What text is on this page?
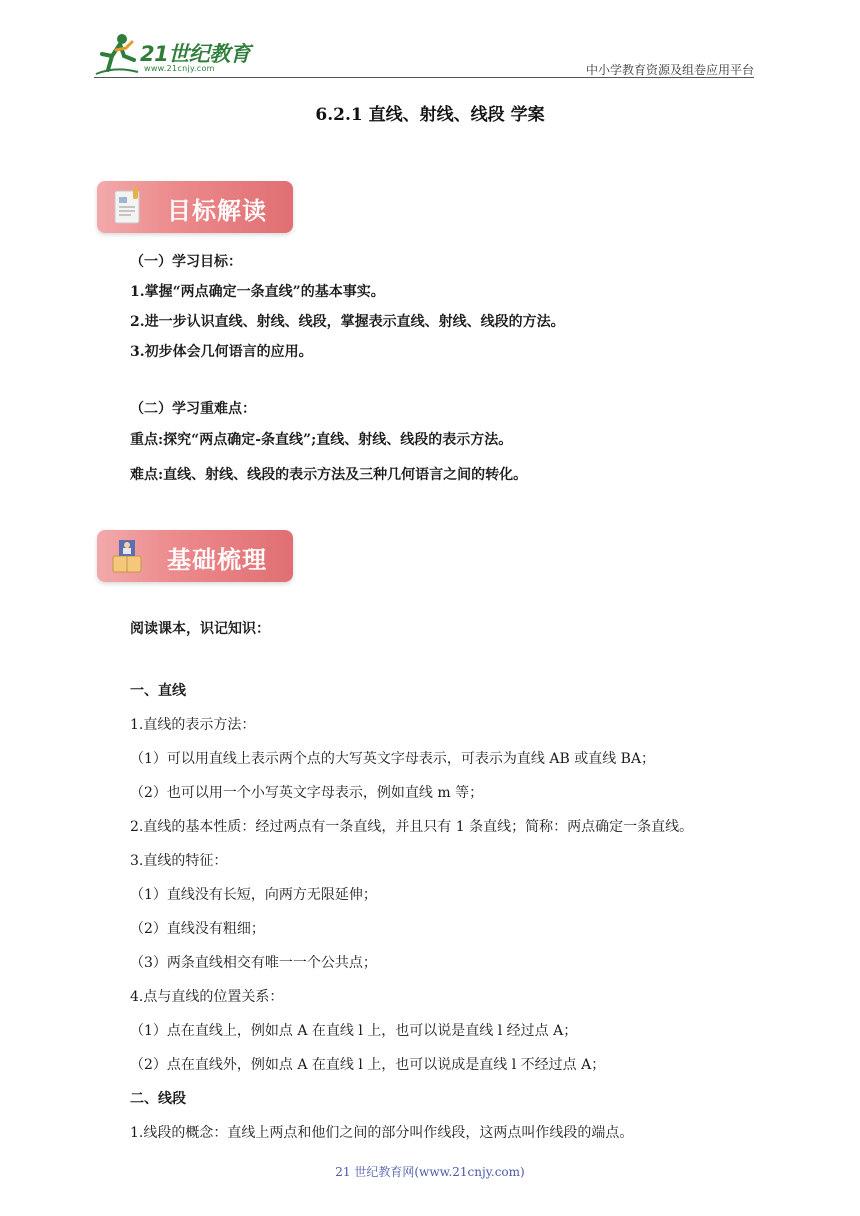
21世纪教育
www.21cnjy.com	中小学教育资源及组卷应用平台
6.2.1 直线、射线、线段 学案
目标解读
（一）学习目标：
1.掌握“两点确定一条直线”的基本事实。
2.进一步认识直线、射线、线段，掌握表示直线、射线、线段的方法。
3.初步体会几何语言的应用。
（二）学习重难点：
重点:探究“两点确定-条直线”;直线、射线、线段的表示方法。
难点:直线、射线、线段的表示方法及三种几何语言之间的转化。
基础梳理
阅读课本，识记知识：
一、直线
1.直线的表示方法：
（1）可以用直线上表示两个点的大写英文字母表示，可表示为直线 AB 或直线 BA；
（2）也可以用一个小写英文字母表示，例如直线 m 等；
2.直线的基本性质：经过两点有一条直线，并且只有 1 条直线；简称：两点确定一条直线。
3.直线的特征：
（1）直线没有长短，向两方无限延伸；
（2）直线没有粗细；
（3）两条直线相交有唯一一个公共点；
4.点与直线的位置关系：
（1）点在直线上，例如点 A 在直线 l 上，也可以说是直线 l 经过点 A；
（2）点在直线外，例如点 A 在直线 l 上，也可以说成是直线 l 不经过点 A；
二、线段
1.线段的概念：直线上两点和他们之间的部分叫作线段，这两点叫作线段的端点。
21 世纪教育网(www.21cnjy.com)
